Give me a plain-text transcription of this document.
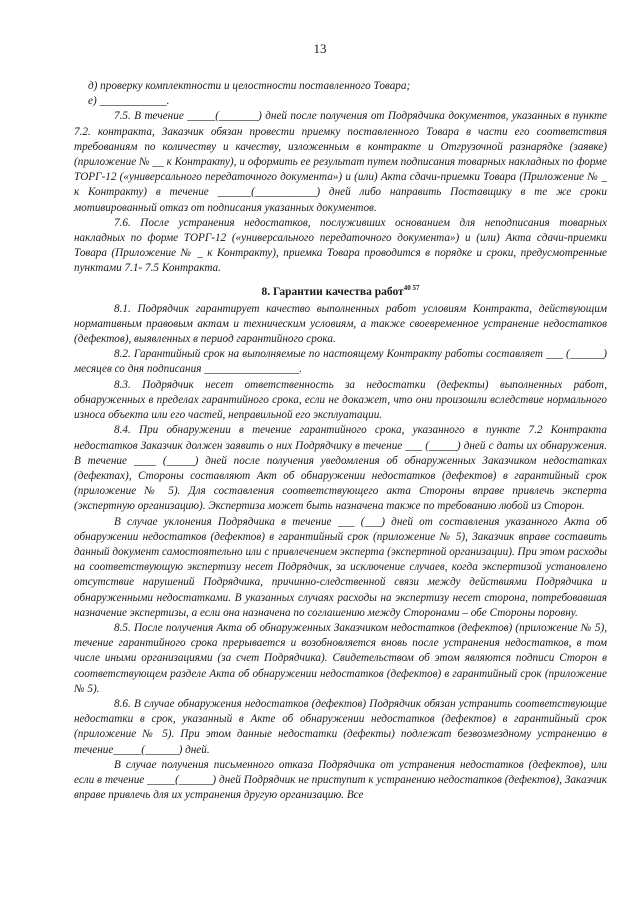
13

д) проверку комплектности и целостности поставленного Товара;

е) ____________.

7.5. В течение _____(_______) дней после получения от Подрядчика документов, указанных в пункте 7.2. контракта, Заказчик обязан провести приемку поставленного Товара в части его соответствия требованиям по количеству и качеству, изложенным в контракте и Отгрузочной разнарядке (заявке) (приложение № __ к Контракту), и оформить ее результат путем подписания товарных накладных по форме ТОРГ-12 («универсального передаточного документа») и (или) Акта сдачи-приемки Товара (Приложение № _ к Контракту) в течение ______(___________) дней либо направить Поставщику в те же сроки мотивированный отказ от подписания указанных документов.

7.6. После устранения недостатков, послуживших основанием для неподписания товарных накладных по форме ТОРГ-12 («универсального передаточного документа») и (или) Акта сдачи-приемки Товара (Приложение № _ к Контракту), приемка Товара проводится в порядке и сроки, предусмотренные пунктами 7.1- 7.5 Контракта.

8. Гарантии качества работ$^{40 57}$

8.1. Подрядчик гарантирует качество выполненных работ условиям Контракта, действующим нормативным правовым актам и техническим условиям, а также своевременное устранение недостатков (дефектов), выявленных в период гарантийного срока.

8.2. Гарантийный срок на выполняемые по настоящему Контракту работы составляет ___ (______) месяцев со дня подписания _________________.

8.3. Подрядчик несет ответственность за недостатки (дефекты) выполненных работ, обнаруженных в пределах гарантийного срока, если не докажет, что они произошли вследствие нормального износа объекта или его частей, неправильной его эксплуатации.

8.4. При обнаружении в течение гарантийного срока, указанного в пункте 7.2 Контракта недостатков Заказчик должен заявить о них Подрядчику в течение ___ (_____) дней с даты их обнаружения. В течение ____ (_____) дней после получения уведомления об обнаруженных Заказчиком недостатках (дефектах), Стороны составляют Акт об обнаружении недостатков (дефектов) в гарантийный срок (приложение № 5). Для составления соответствующего акта Стороны вправе привлечь эксперта (экспертную организацию). Экспертиза может быть назначена также по требованию любой из Сторон.

В случае уклонения Подрядчика в течение ___ (___) дней от составления указанного Акта об обнаружении недостатков (дефектов) в гарантийный срок (приложение № 5), Заказчик вправе составить данный документ самостоятельно или с привлечением эксперта (экспертной организации). При этом расходы на соответствующую экспертизу несет Подрядчик, за исключение случаев, когда экспертизой установлено отсутствие нарушений Подрядчика, причинно-следственной связи между действиями Подрядчика и обнаруженными недостатками. В указанных случаях расходы на экспертизу несет сторона, потребовавшая назначение экспертизы, а если она назначена по соглашению между Сторонами – обе Стороны поровну.

8.5. После получения Акта об обнаруженных Заказчиком недостатков (дефектов) (приложение № 5), течение гарантийного срока прерывается и возобновляется вновь после устранения недостатков, в том числе иными организациями (за счет Подрядчика). Свидетельством об этом являются подписи Сторон в соответствующем разделе Акта об обнаружении недостатков (дефектов) в гарантийный срок (приложение № 5).

8.6. В случае обнаружения недостатков (дефектов) Подрядчик обязан устранить соответствующие недостатки в срок, указанный в Акте об обнаружении недостатков (дефектов) в гарантийный срок (приложение № 5). При этом данные недостатки (дефекты) подлежат безвозмездному устранению в течение_____(______) дней.

В случае получения письменного отказа Подрядчика от устранения недостатков (дефектов), или если в течение _____(______) дней Подрядчик не приступит к устранению недостатков (дефектов), Заказчик вправе привлечь для их устранения другую организацию. Все

. . . .
